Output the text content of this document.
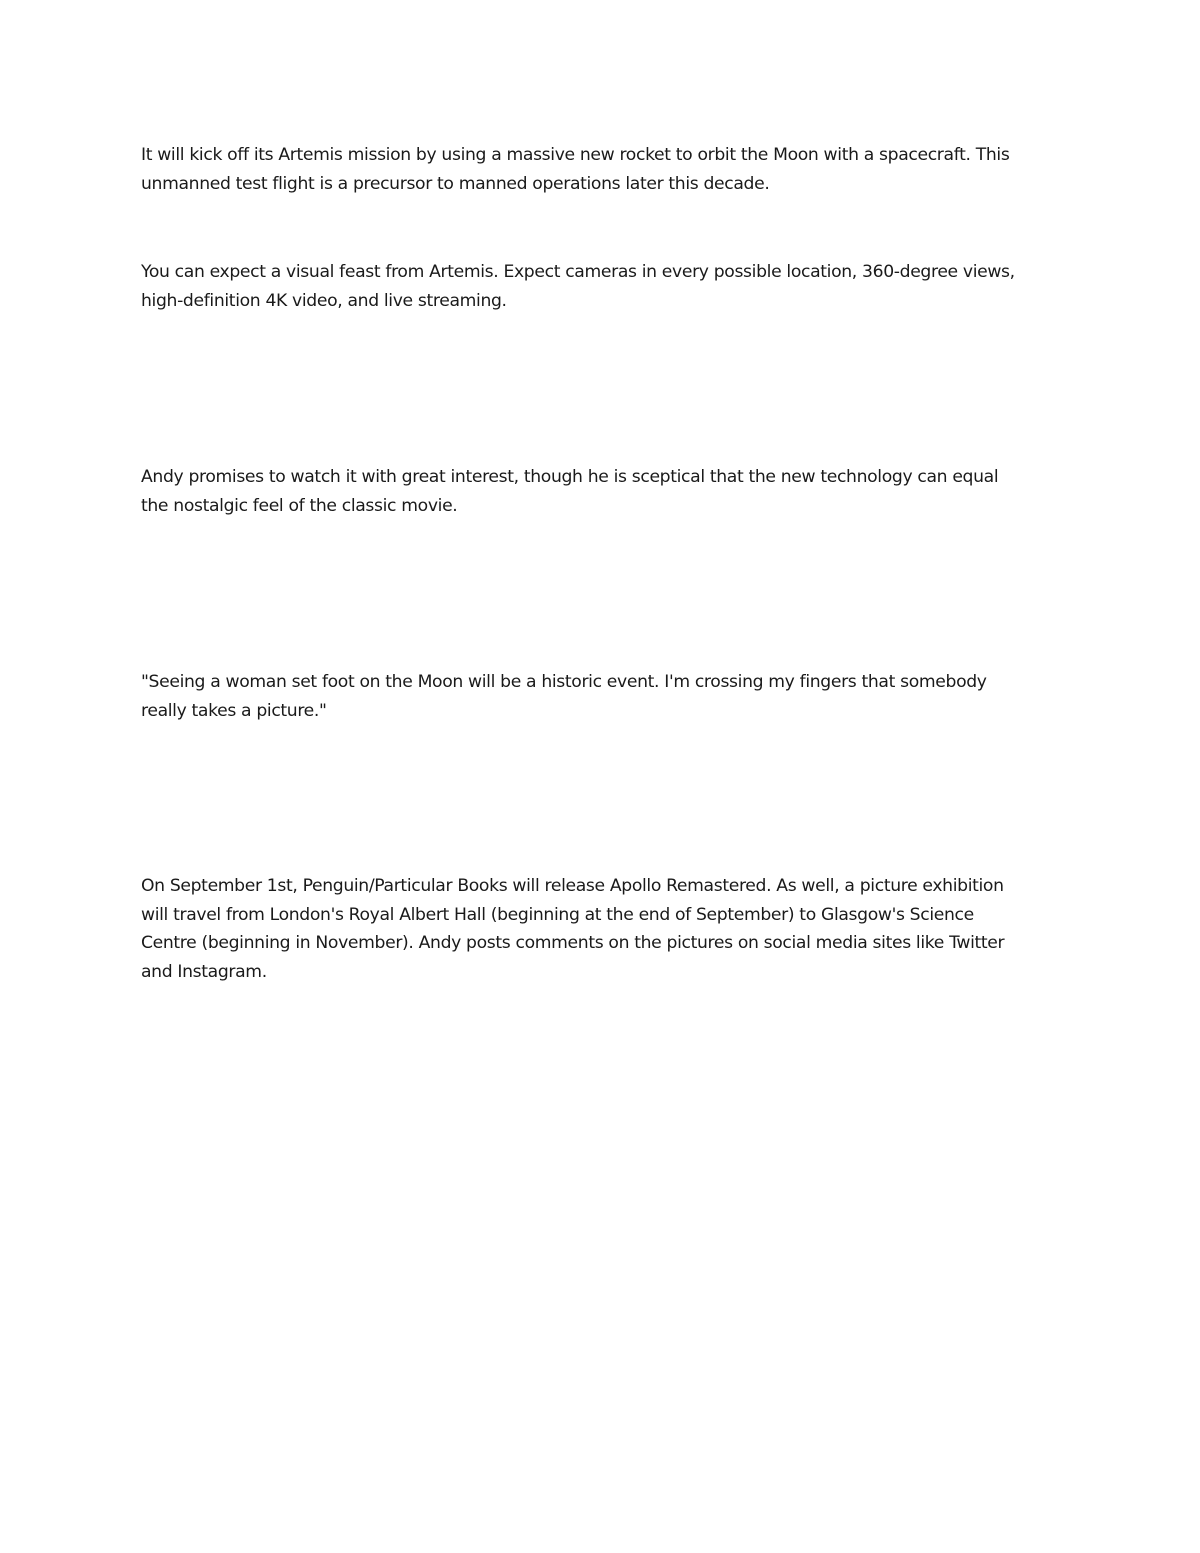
It will kick off its Artemis mission by using a massive new rocket to orbit the Moon with a spacecraft. This
unmanned test flight is a precursor to manned operations later this decade.

You can expect a visual feast from Artemis. Expect cameras in every possible location, 360-degree views,
high-definition 4K video, and live streaming.

Andy promises to watch it with great interest, though he is sceptical that the new technology can equal
the nostalgic feel of the classic movie.

"Seeing a woman set foot on the Moon will be a historic event. I'm crossing my fingers that somebody
really takes a picture."

On September 1st, Penguin/Particular Books will release Apollo Remastered. As well, a picture exhibition
will travel from London's Royal Albert Hall (beginning at the end of September) to Glasgow's Science
Centre (beginning in November). Andy posts comments on the pictures on social media sites like Twitter
and Instagram.
